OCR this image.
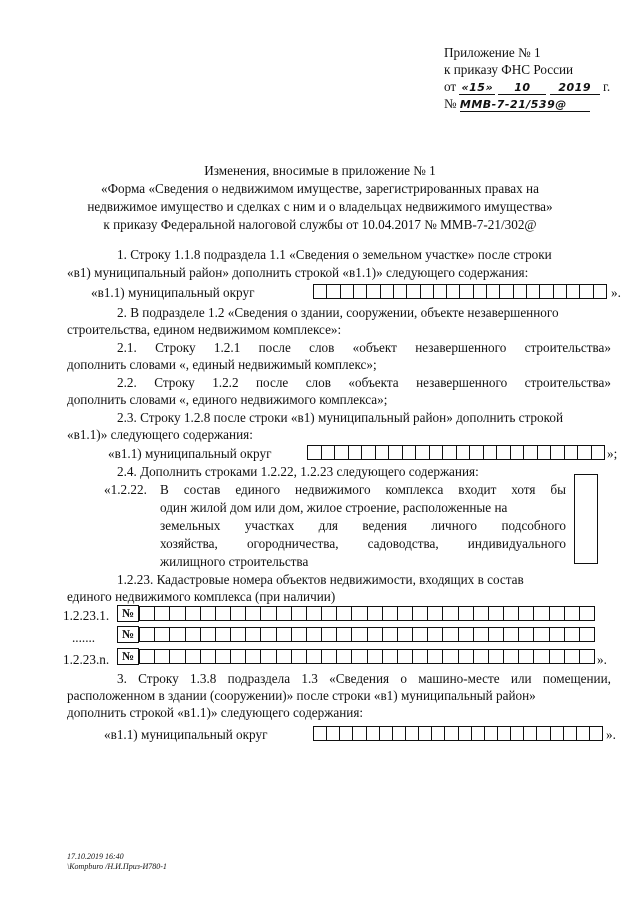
Приложение № 1
к приказу ФНС России
от «15» 10	2019 г.
№ ММВ-7-21/539@
Изменения, вносимые в приложение № 1
«Форма «Сведения о недвижимом имуществе, зарегистрированных правах на
недвижимое имущество и сделках с ним и о владельцах недвижимого имущества»
к приказу Федеральной налоговой службы от 10.04.2017 № ММВ-7-21/302@
1. Строку 1.1.8 подраздела 1.1 «Сведения о земельном участке» после строки
«в1) муниципальный район» дополнить строкой «в1.1)» следующего содержания:
«в1.1) муниципальный округ	».
2. В подразделе 1.2 «Сведения о здании, сооружении, объекте незавершенного
строительства, едином недвижимом комплексе»:
2.1. Строку 1.2.1 после слов «объект незавершенного строительства»
дополнить словами «, единый недвижимый комплекс»;
2.2. Строку 1.2.2 после слов «объекта незавершенного строительства»
дополнить словами «, единого недвижимого комплекса»;
2.3. Строку 1.2.8 после строки «в1) муниципальный район» дополнить строкой
«в1.1)» следующего содержания:
«в1.1) муниципальный округ	»;
2.4. Дополнить строками 1.2.22, 1.2.23 следующего содержания:
«1.2.22. В состав единого недвижимого комплекса входит хотя бы
один жилой дом или дом, жилое строение, расположенные на
земельных участках для ведения личного подсобного
хозяйства, огородничества, садоводства, индивидуального
жилищного строительства
1.2.23. Кадастровые номера объектов недвижимости, входящих в состав
единого недвижимого комплекса (при наличии)
1.2.23.1.	№
.......	№
1.2.23.n.	№	».
3. Строку 1.3.8 подраздела 1.3 «Сведения о машино-месте или помещении,
расположенном в здании (сооружении)» после строки «в1) муниципальный район»
дополнить строкой «в1.1)» следующего содержания:
«в1.1) муниципальный округ	».
17.10.2019 16:40
\Kompburo /Н.И.Приз-И780-1
